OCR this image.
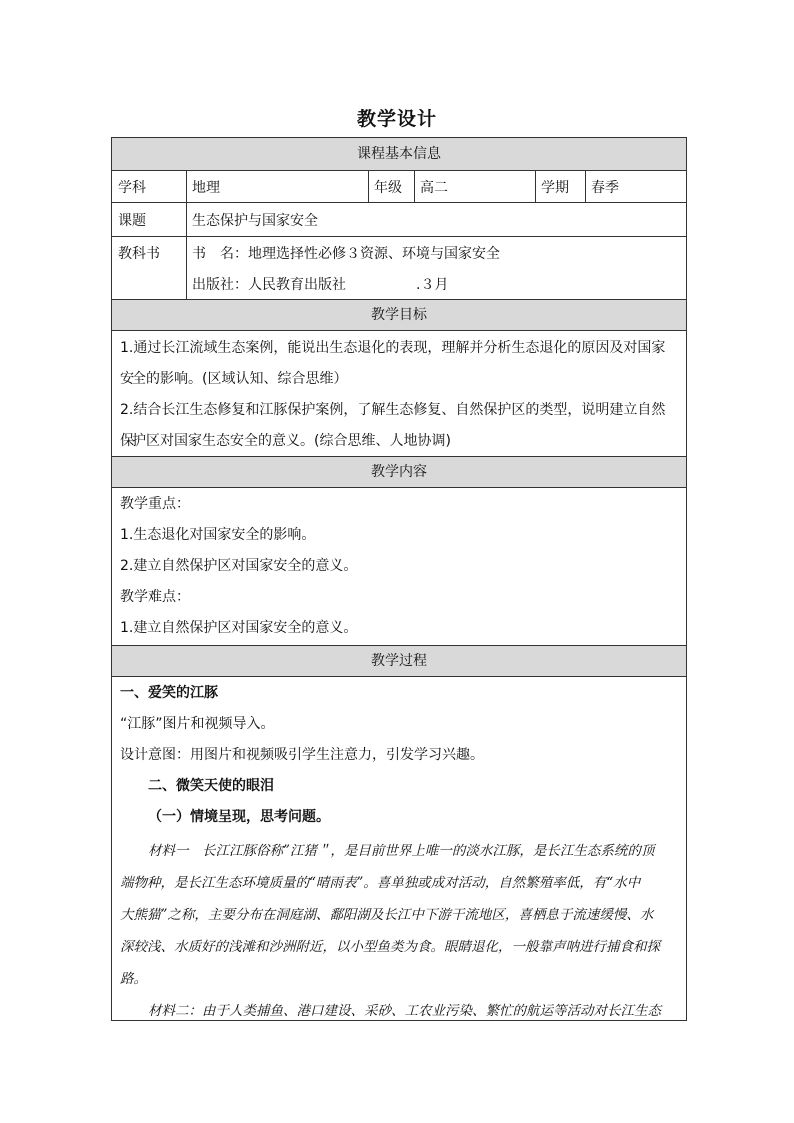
教学设计
课程基本信息
学科	地理	年级	高二	学期	春季
课题	生态保护与国家安全
教科书	书　名：地理选择性必修３资源、环境与国家安全
出版社：人民教育出版社　　　　　.３月
教学目标
1.通过长江流域生态案例，能说出生态退化的表现，理解并分析生态退化的原因及对国家安
全的影响。(区域认知、综合思维）
2.结合长江生态修复和江豚保护案例，了解生态修复、自然保护区的类型，说明建立自然保
护区对国家生态安全的意义。(综合思维、人地协调)
教学内容
教学重点：
1.生态退化对国家安全的影响。
2.建立自然保护区对国家安全的意义。
教学难点：
1.建立自然保护区对国家安全的意义。
教学过程
一、爱笑的江豚
“江豚”图片和视频导入。
设计意图：用图片和视频吸引学生注意力，引发学习兴趣。
二、微笑天使的眼泪
（一）情境呈现，思考问题。
材料一　长江江豚俗称”江猪＂，是目前世界上唯一的淡水江豚，是长江生态系统的顶
端物种，是长江生态环境质量的“晴雨表”。喜单独或成对活动，自然繁殖率低，有“水中
大熊猫”之称，主要分布在洞庭湖、鄱阳湖及长江中下游干流地区，喜栖息于流速缓慢、水
深较浅、水质好的浅滩和沙洲附近，以小型鱼类为食。眼睛退化，一般靠声呐进行捕食和探
路。
材料二：由于人类捕鱼、港口建设、采砂、工农业污染、繁忙的航运等活动对长江生态
